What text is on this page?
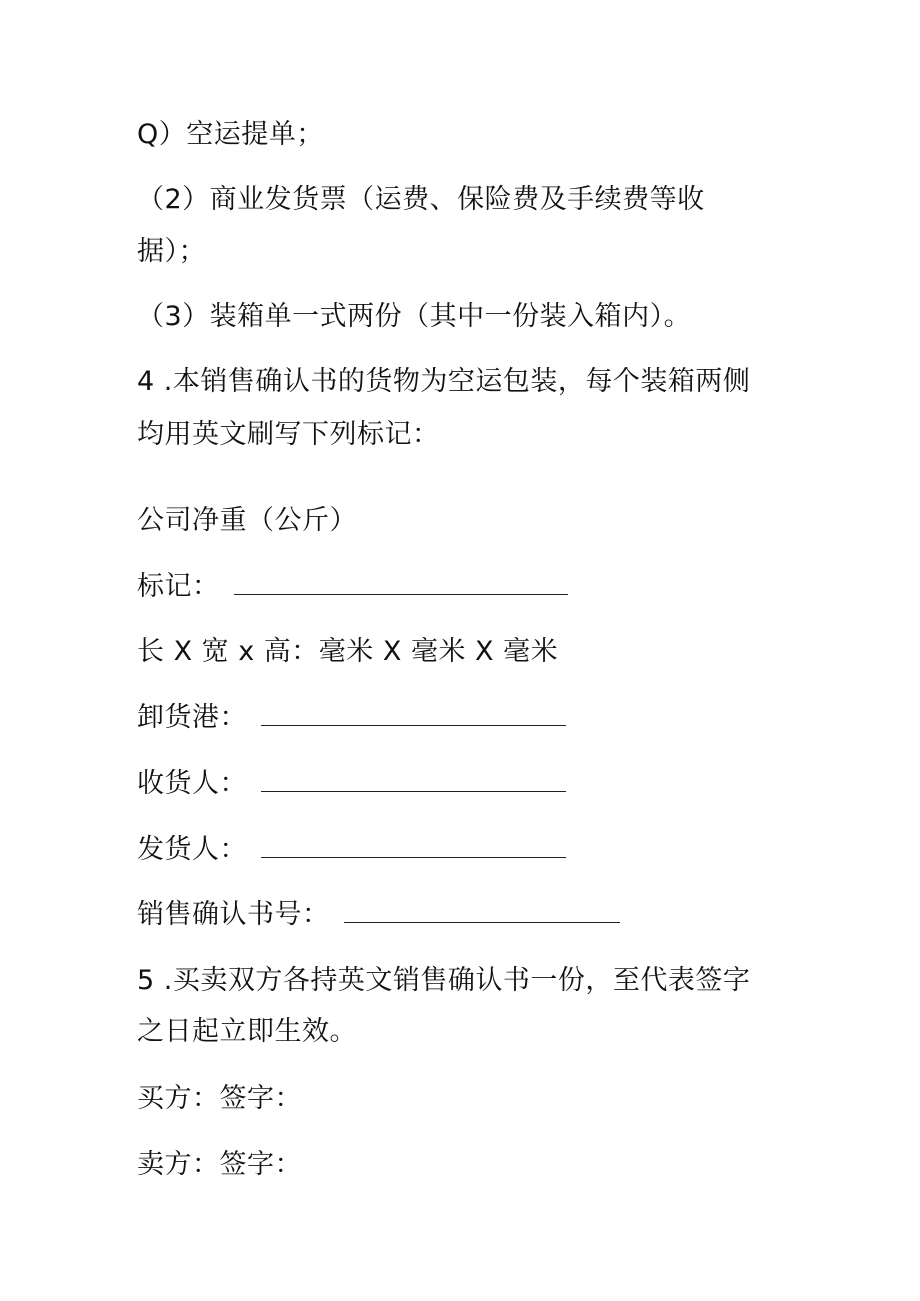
Q）空运提单；
（2）商业发货票（运费、保险费及手续费等收
据）；
（3）装箱单一式两份（其中一份装入箱内）。
4 .本销售确认书的货物为空运包装，每个装箱两侧
均用英文刷写下列标记：
公司净重（公斤）
标记：
长 X 宽 x 高：毫米 X 毫米 X 毫米
卸货港：
收货人：
发货人：
销售确认书号：
5 .买卖双方各持英文销售确认书一份，至代表签字
之日起立即生效。
买方：签字：
卖方：签字：
